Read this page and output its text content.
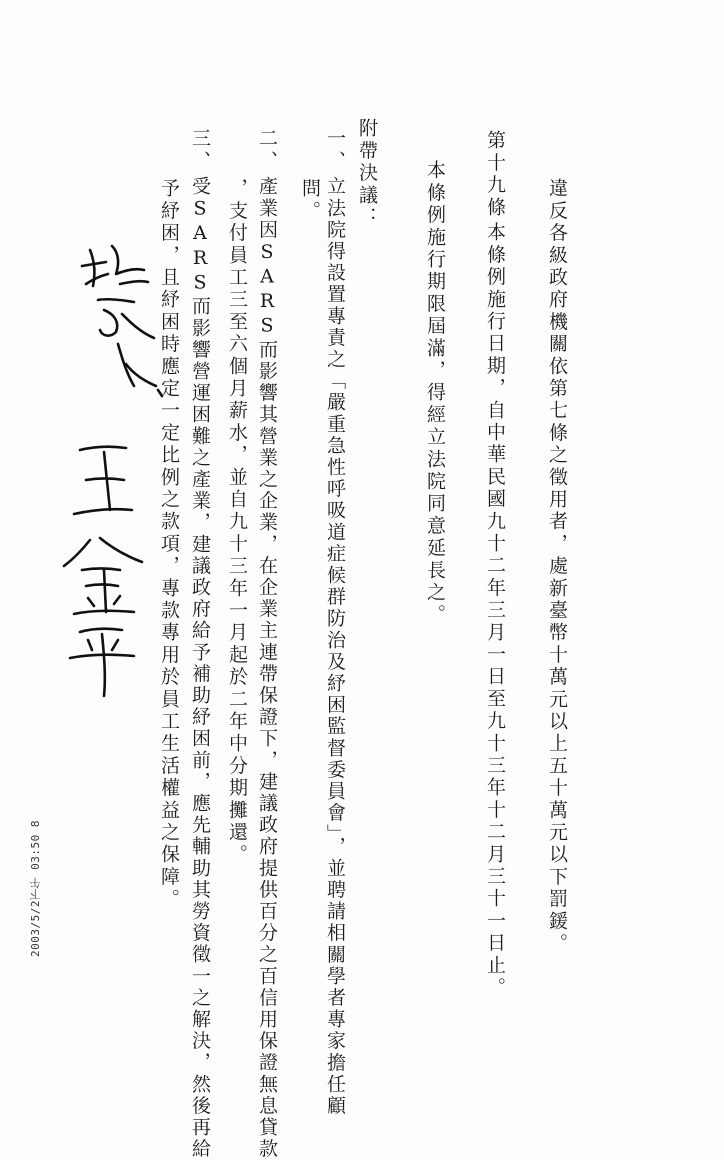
違反各級政府機關依第七條之徵用者，處新臺幣十萬元以上五十萬元以下罰鍰。
第十九條
本條例施行日期，自中華民國九十二年三月一日至九十三年十二月三十一日止。
本條例施行期限屆滿，得經立法院同意延長之。
附帶決議：
一、
立法院得設置專責之「嚴重急性呼吸道症候群防治及紓困監督委員會」，並聘請相關學者專家擔任顧
問。
二、
產業因SARS而影響其營業之企業，在企業主連帶保證下，建議政府提供百分之百信用保證無息貸款
，支付員工三至六個月薪水，並自九十三年一月起於二年中分期攤還。
三、
受SARS而影響營運困難之產業，建議政府給予補助紓困前，應先輔助其勞資徵一之解決，然後再給
予紓困，且紓困時應定一定比例之款項，專款專用於員工生活權益之保障。
2003/5/2下午 03:50 8
